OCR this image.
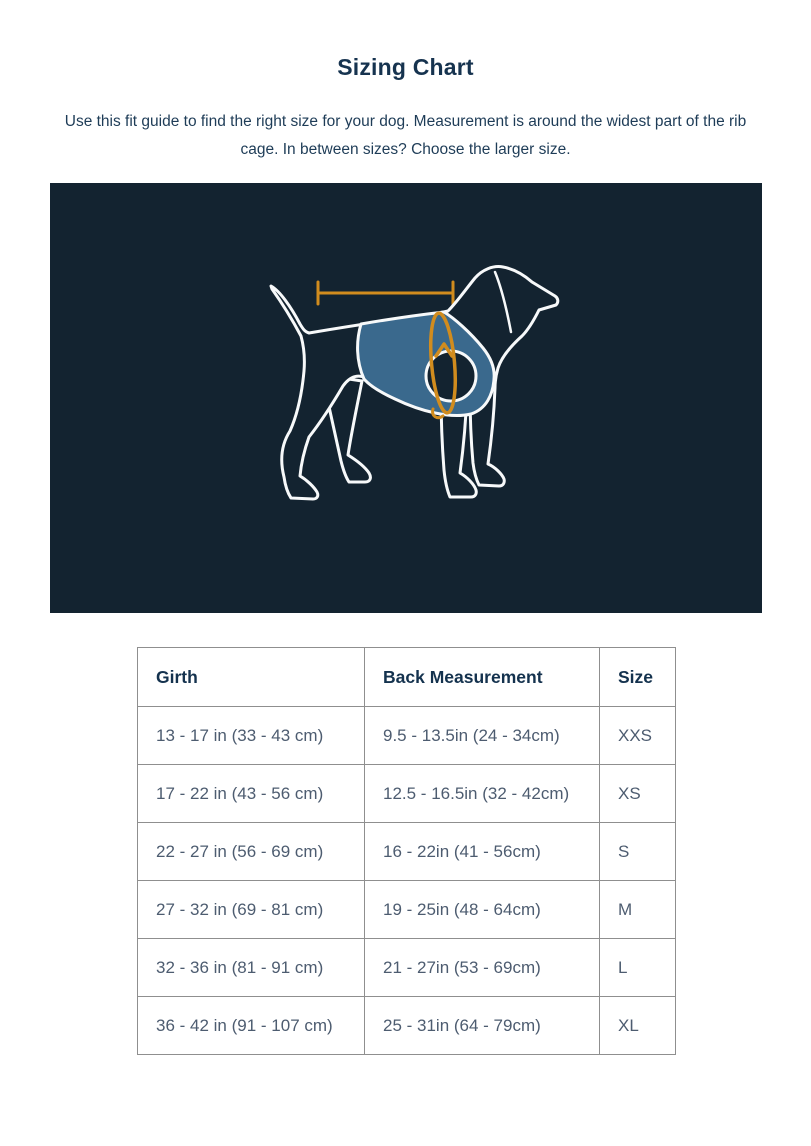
Sizing Chart

Use this fit guide to find the right size for your dog. Measurement is around the widest part of the rib cage. In between sizes? Choose the larger size.

Girth	Back Measurement	Size
13 - 17 in (33 - 43 cm)	9.5 - 13.5in (24 - 34cm)	XXS
17 - 22 in (43 - 56 cm)	12.5 - 16.5in (32 - 42cm)	XS
22 - 27 in (56 - 69 cm)	16 - 22in (41 - 56cm)	S
27 - 32 in (69 - 81 cm)	19 - 25in (48 - 64cm)	M
32 - 36 in (81 - 91 cm)	21 - 27in (53 - 69cm)	L
36 - 42 in (91 - 107 cm)	25 - 31in (64 - 79cm)	XL
